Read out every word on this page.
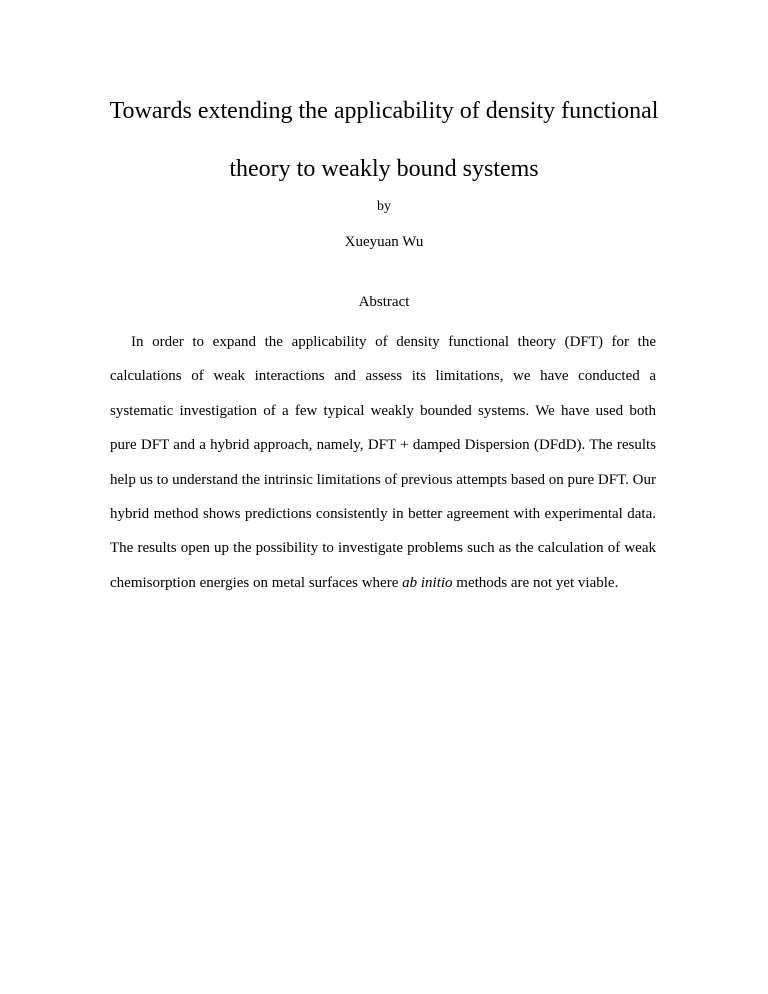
Towards extending the applicability of density functional
theory to weakly bound systems
by
Xueyuan Wu
Abstract

In order to expand the applicability of density functional theory (DFT) for the calculations of weak interactions and assess its limitations, we have conducted a systematic investigation of a few typical weakly bounded systems. We have used both pure DFT and a hybrid approach, namely, DFT + damped Dispersion (DFdD). The results help us to understand the intrinsic limitations of previous attempts based on pure DFT. Our hybrid method shows predictions consistently in better agreement with experimental data. The results open up the possibility to investigate problems such as the calculation of weak chemisorption energies on metal surfaces where ab initio methods are not yet viable.
